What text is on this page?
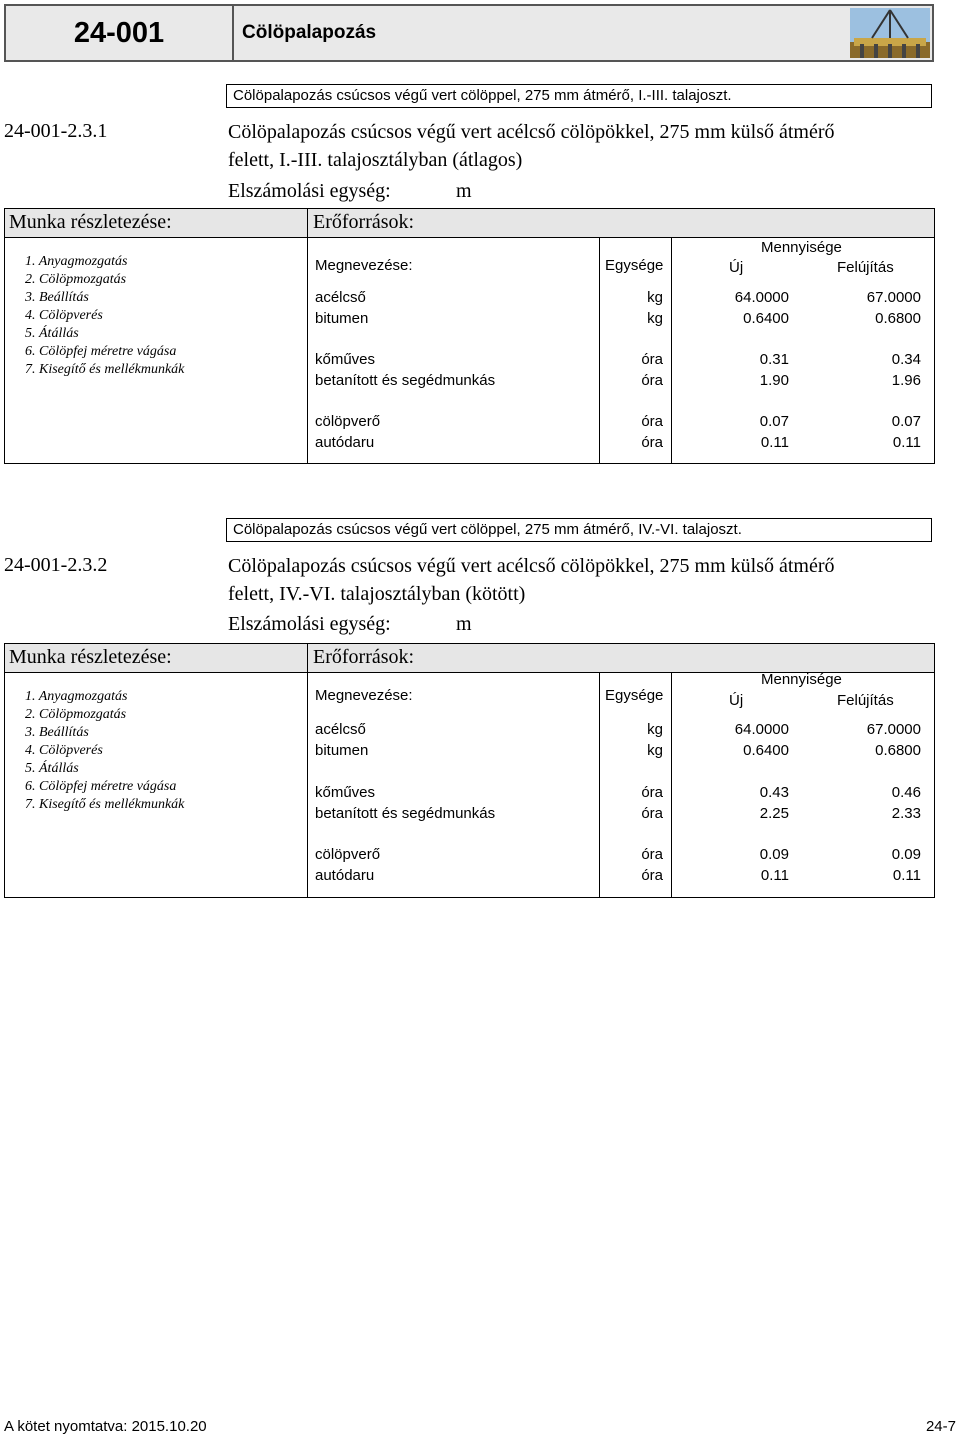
24-001	Cölöpalapozás
Cölöpalapozás csúcsos végű vert cölöppel, 275 mm átmérő, I.-III. talajoszt.
24-001-2.3.1	Cölöpalapozás csúcsos végű vert acélcső cölöpökkel, 275 mm külső átmérő
felett, I.-III. talajosztályban (átlagos)
Elszámolási egység:	m
Munka részletezése:	Erőforrások:
1. Anyagmozgatás
2. Cölöpmozgatás
3. Beállítás
4. Cölöpverés
5. Átállás
6. Cölöpfej méretre vágása
7. Kisegítő és mellékmunkák
Megnevezése:	Egysége
Mennyisége
Új	Felújítás
acélcső	kg	64.0000	67.0000
bitumen	kg	0.6400	0.6800
kőműves	óra	0.31	0.34
betanított és segédmunkás	óra	1.90	1.96
cölöpverő	óra	0.07	0.07
autódaru	óra	0.11	0.11
Cölöpalapozás csúcsos végű vert cölöppel, 275 mm átmérő, IV.-VI. talajoszt.
24-001-2.3.2	Cölöpalapozás csúcsos végű vert acélcső cölöpökkel, 275 mm külső átmérő
felett, IV.-VI. talajosztályban (kötött)
Elszámolási egység:	m
Munka részletezése:	Erőforrások:
1. Anyagmozgatás
2. Cölöpmozgatás
3. Beállítás
4. Cölöpverés
5. Átállás
6. Cölöpfej méretre vágása
7. Kisegítő és mellékmunkák
Megnevezése:	Egysége
Mennyisége
Új	Felújítás
acélcső	kg	64.0000	67.0000
bitumen	kg	0.6400	0.6800
kőműves	óra	0.43	0.46
betanított és segédmunkás	óra	2.25	2.33
cölöpverő	óra	0.09	0.09
autódaru	óra	0.11	0.11
A kötet nyomtatva: 2015.10.20	24-7
